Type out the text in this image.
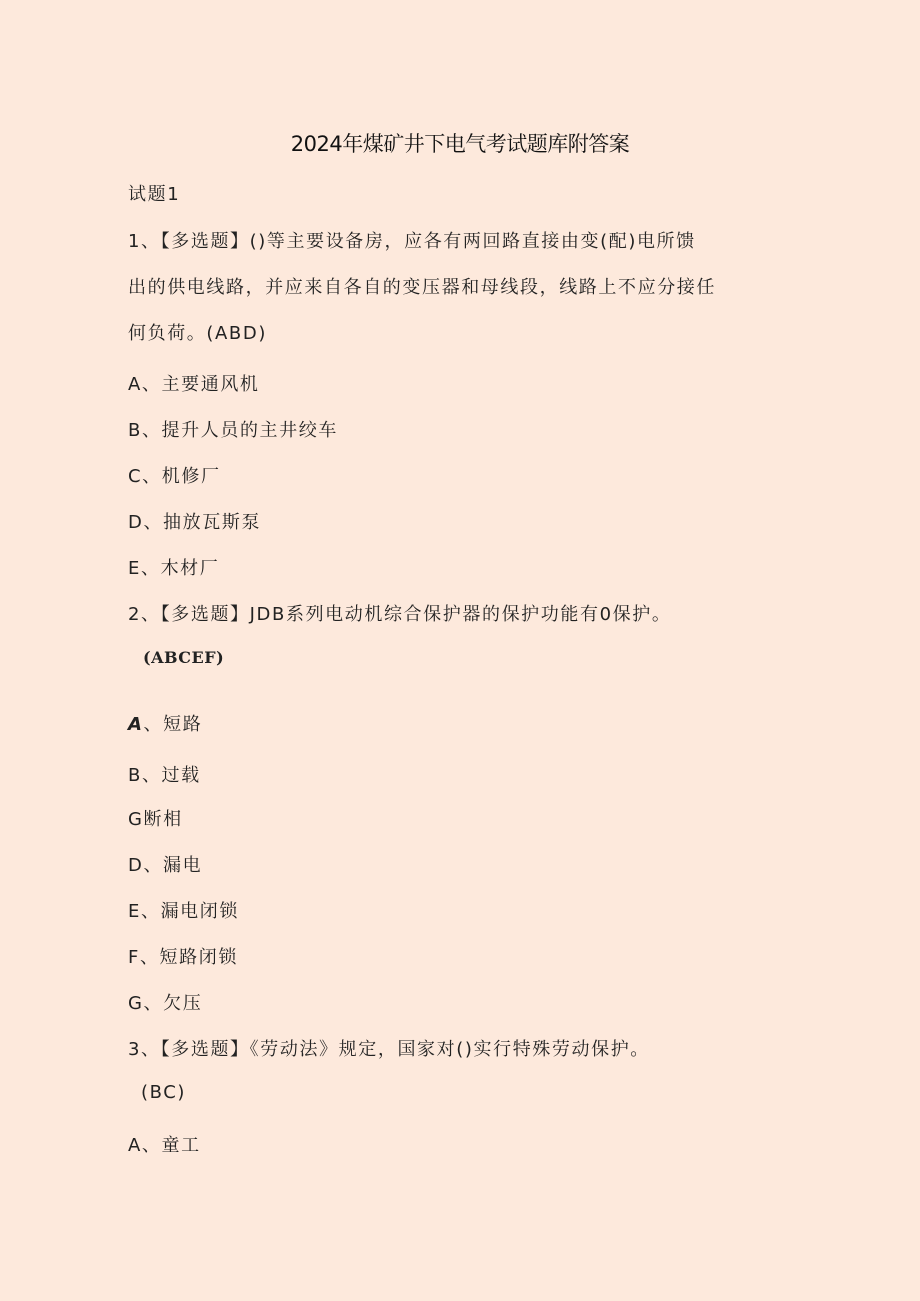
2024年煤矿井下电气考试题库附答案
试题1
1、【多选题】()等主要设备房，应各有两回路直接由变(配)电所馈
出的供电线路，并应来自各自的变压器和母线段，线路上不应分接任
何负荷。(ABD)
A、主要通风机
B、提升人员的主井绞车
C、机修厂
D、抽放瓦斯泵
E、木材厂
2、【多选题】JDB系列电动机综合保护器的保护功能有0保护。
(ABCEF)
A、短路
B、过载
G断相
D、漏电
E、漏电闭锁
F、短路闭锁
G、欠压
3、【多选题】《劳动法》规定，国家对()实行特殊劳动保护。
(BC)
A、童工
